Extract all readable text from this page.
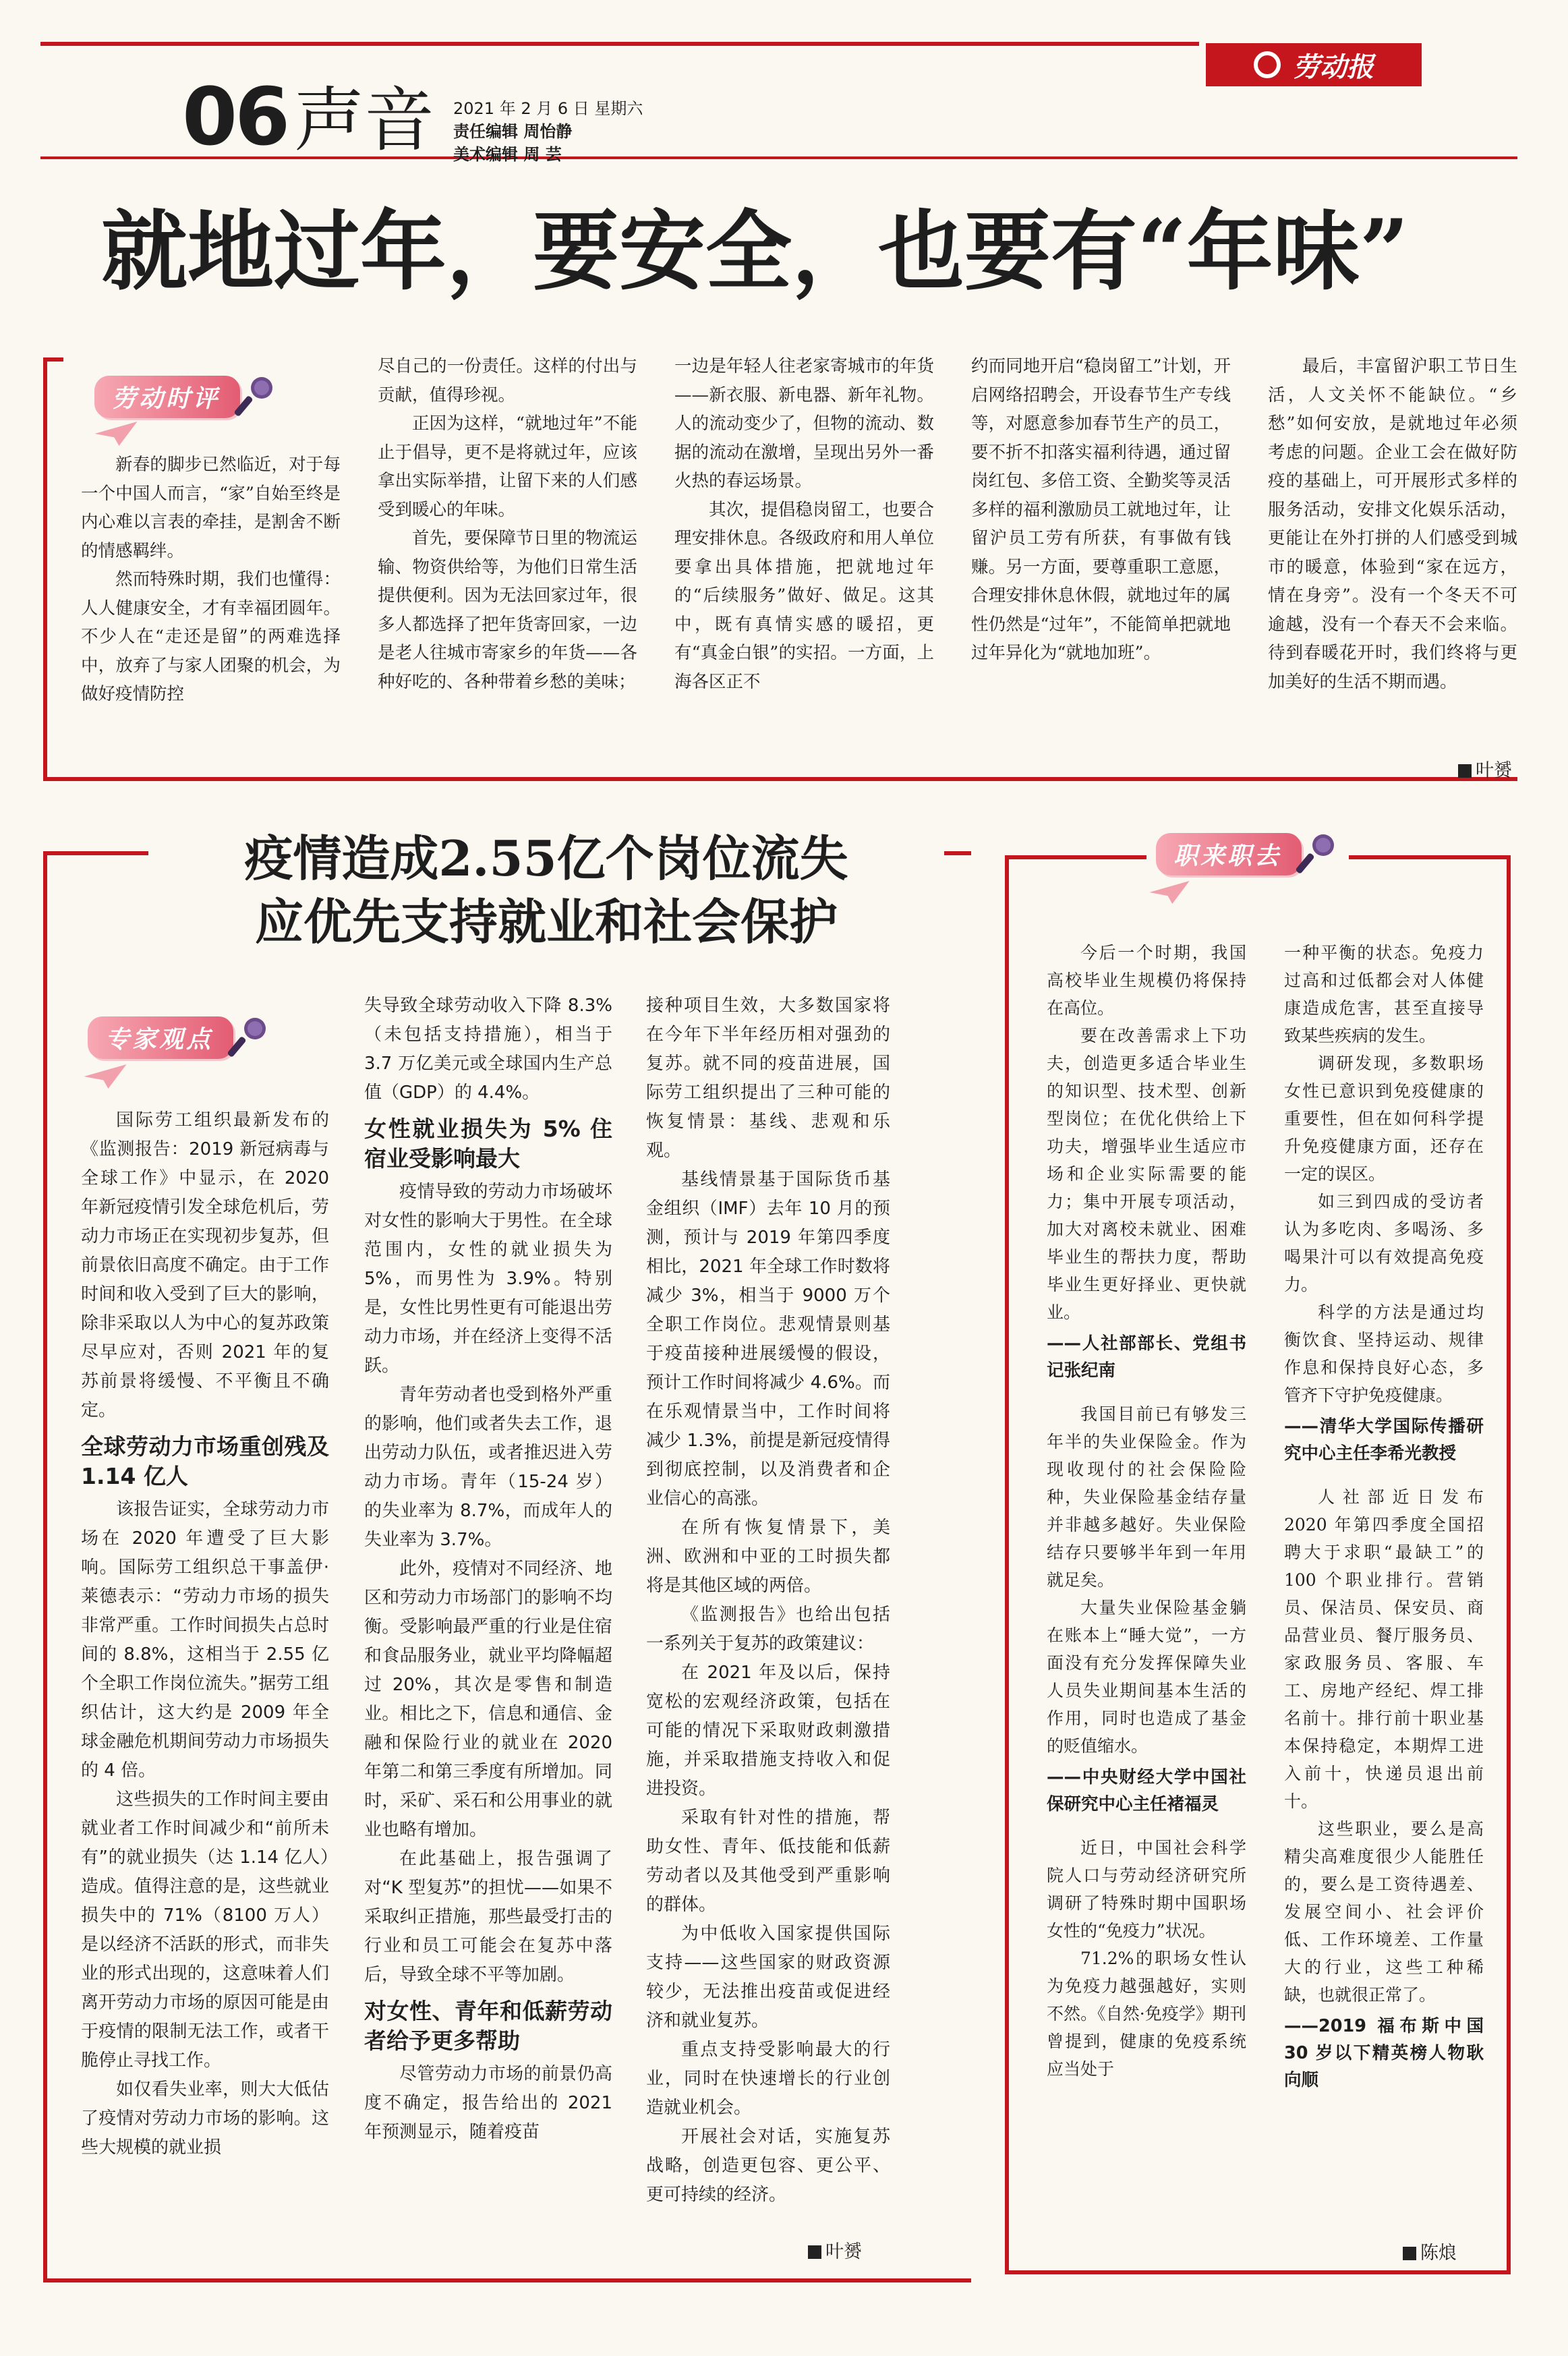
劳动报
06 声音 2021 年 2 月 6 日 星期六
责任编辑 周怡静
美术编辑 周 芸
就地过年，要安全，也要有“年味”
劳动时评

新春的脚步已然临近，对于每一个中国人而言，“家”自始至终是内心难以言表的牵挂，是割舍不断的情感羁绊。

然而特殊时期，我们也懂得：人人健康安全，才有幸福团圆年。不少人在“走还是留”的两难选择中，放弃了与家人团聚的机会，为做好疫情防控

尽自己的一份责任。这样的付出与贡献，值得珍视。

正因为这样，“就地过年”不能止于倡导，更不是将就过年，应该拿出实际举措，让留下来的人们感受到暖心的年味。

首先，要保障节日里的物流运输、物资供给等，为他们日常生活提供便利。因为无法回家过年，很多人都选择了把年货寄回家，一边是老人往城市寄家乡的年货——各种好吃的、各种带着乡愁的美味；

一边是年轻人往老家寄城市的年货——新衣服、新电器、新年礼物。人的流动变少了，但物的流动、数据的流动在激增，呈现出另外一番火热的春运场景。

其次，提倡稳岗留工，也要合理安排休息。各级政府和用人单位要拿出具体措施，把就地过年的“后续服务”做好、做足。这其中，既有真情实感的暖招，更有“真金白银”的实招。一方面，上海各区正不

约而同地开启“稳岗留工”计划，开启网络招聘会，开设春节生产专线等，对愿意参加春节生产的员工，要不折不扣落实福利待遇，通过留岗红包、多倍工资、全勤奖等灵活多样的福利激励员工就地过年，让留沪员工劳有所获，有事做有钱赚。另一方面，要尊重职工意愿，合理安排休息休假，就地过年的属性仍然是“过年”，不能简单把就地过年异化为“就地加班”。

最后，丰富留沪职工节日生活，人文关怀不能缺位。“乡愁”如何安放，是就地过年必须考虑的问题。企业工会在做好防疫的基础上，可开展形式多样的服务活动，安排文化娱乐活动，更能让在外打拼的人们感受到城市的暖意，体验到“家在远方，情在身旁”。没有一个冬天不可逾越，没有一个春天不会来临。待到春暖花开时，我们终将与更加美好的生活不期而遇。

叶赟
疫情造成2.55亿个岗位流失
应优先支持就业和社会保护
专家观点

国际劳工组织最新发布的《监测报告：2019 新冠病毒与全球工作》中显示，在 2020 年新冠疫情引发全球危机后，劳动力市场正在实现初步复苏，但前景依旧高度不确定。由于工作时间和收入受到了巨大的影响，除非采取以人为中心的复苏政策尽早应对，否则 2021 年的复苏前景将缓慢、不平衡且不确定。

全球劳动力市场重创残及 1.14 亿人

该报告证实，全球劳动力市场在 2020 年遭受了巨大影响。国际劳工组织总干事盖伊·莱德表示：“劳动力市场的损失非常严重。工作时间损失占总时间的 8.8%，这相当于 2.55 亿个全职工作岗位流失。”据劳工组织估计，这大约是 2009 年全球金融危机期间劳动力市场损失的 4 倍。

这些损失的工作时间主要由就业者工作时间减少和“前所未有”的就业损失（达 1.14 亿人）造成。值得注意的是，这些就业损失中的 71%（8100 万人）是以经济不活跃的形式，而非失业的形式出现的，这意味着人们离开劳动力市场的原因可能是由于疫情的限制无法工作，或者干脆停止寻找工作。

如仅看失业率，则大大低估了疫情对劳动力市场的影响。这些大规模的就业损

失导致全球劳动收入下降 8.3%（未包括支持措施），相当于 3.7 万亿美元或全球国内生产总值（GDP）的 4.4%。

女性就业损失为 5% 住宿业受影响最大

疫情导致的劳动力市场破坏对女性的影响大于男性。在全球范围内，女性的就业损失为 5%，而男性为 3.9%。特别是，女性比男性更有可能退出劳动力市场，并在经济上变得不活跃。

青年劳动者也受到格外严重的影响，他们或者失去工作，退出劳动力队伍，或者推迟进入劳动力市场。青年（15-24 岁）的失业率为 8.7%，而成年人的失业率为 3.7%。

此外，疫情对不同经济、地区和劳动力市场部门的影响不均衡。受影响最严重的行业是住宿和食品服务业，就业平均降幅超过 20%，其次是零售和制造业。相比之下，信息和通信、金融和保险行业的就业在 2020 年第二和第三季度有所增加。同时，采矿、采石和公用事业的就业也略有增加。

在此基础上，报告强调了对“K 型复苏”的担忧——如果不采取纠正措施，那些最受打击的行业和员工可能会在复苏中落后，导致全球不平等加剧。

对女性、青年和低薪劳动者给予更多帮助

尽管劳动力市场的前景仍高度不确定，报告给出的 2021 年预测显示，随着疫苗

接种项目生效，大多数国家将在今年下半年经历相对强劲的复苏。就不同的疫苗进展，国际劳工组织提出了三种可能的恢复情景：基线、悲观和乐观。

基线情景基于国际货币基金组织（IMF）去年 10 月的预测，预计与 2019 年第四季度相比，2021 年全球工作时数将减少 3%，相当于 9000 万个全职工作岗位。悲观情景则基于疫苗接种进展缓慢的假设，预计工作时间将减少 4.6%。而在乐观情景当中，工作时间将减少 1.3%，前提是新冠疫情得到彻底控制，以及消费者和企业信心的高涨。

在所有恢复情景下，美洲、欧洲和中亚的工时损失都将是其他区域的两倍。

《监测报告》也给出包括一系列关于复苏的政策建议：

在 2021 年及以后，保持宽松的宏观经济政策，包括在可能的情况下采取财政刺激措施，并采取措施支持收入和促进投资。

采取有针对性的措施，帮助女性、青年、低技能和低薪劳动者以及其他受到严重影响的群体。

为中低收入国家提供国际支持——这些国家的财政资源较少，无法推出疫苗或促进经济和就业复苏。

重点支持受影响最大的行业，同时在快速增长的行业创造就业机会。

开展社会对话，实施复苏战略，创造更包容、更公平、更可持续的经济。

叶赟
职来职去

今后一个时期，我国高校毕业生规模仍将保持在高位。

要在改善需求上下功夫，创造更多适合毕业生的知识型、技术型、创新型岗位；在优化供给上下功夫，增强毕业生适应市场和企业实际需要的能力；集中开展专项活动，加大对离校未就业、困难毕业生的帮扶力度，帮助毕业生更好择业、更快就业。

——人社部部长、党组书记张纪南

我国目前已有够发三年半的失业保险金。作为现收现付的社会保险险种，失业保险基金结存量并非越多越好。失业保险结存只要够半年到一年用就足矣。

大量失业保险基金躺在账本上“睡大觉”，一方面没有充分发挥保障失业人员失业期间基本生活的作用，同时也造成了基金的贬值缩水。

——中央财经大学中国社保研究中心主任褚福灵

近日，中国社会科学院人口与劳动经济研究所调研了特殊时期中国职场女性的“免疫力”状况。

71.2%的职场女性认为免疫力越强越好，实则不然。《自然·免疫学》期刊曾提到，健康的免疫系统应当处于

一种平衡的状态。免疫力过高和过低都会对人体健康造成危害，甚至直接导致某些疾病的发生。

调研发现，多数职场女性已意识到免疫健康的重要性，但在如何科学提升免疫健康方面，还存在一定的误区。

如三到四成的受访者认为多吃肉、多喝汤、多喝果汁可以有效提高免疫力。

科学的方法是通过均衡饮食、坚持运动、规律作息和保持良好心态，多管齐下守护免疫健康。

——清华大学国际传播研究中心主任李希光教授

人社部近日发布 2020 年第四季度全国招聘大于求职“最缺工”的 100 个职业排行。营销员、保洁员、保安员、商品营业员、餐厅服务员、家政服务员、客服、车工、房地产经纪、焊工排名前十。排行前十职业基本保持稳定，本期焊工进入前十，快递员退出前十。

这些职业，要么是高精尖高难度很少人能胜任的，要么是工资待遇差、发展空间小、社会评价低、工作环境差、工作量大的行业，这些工种稀缺，也就很正常了。

——2019 福布斯中国 30 岁以下精英榜人物耿向顺
陈烺
